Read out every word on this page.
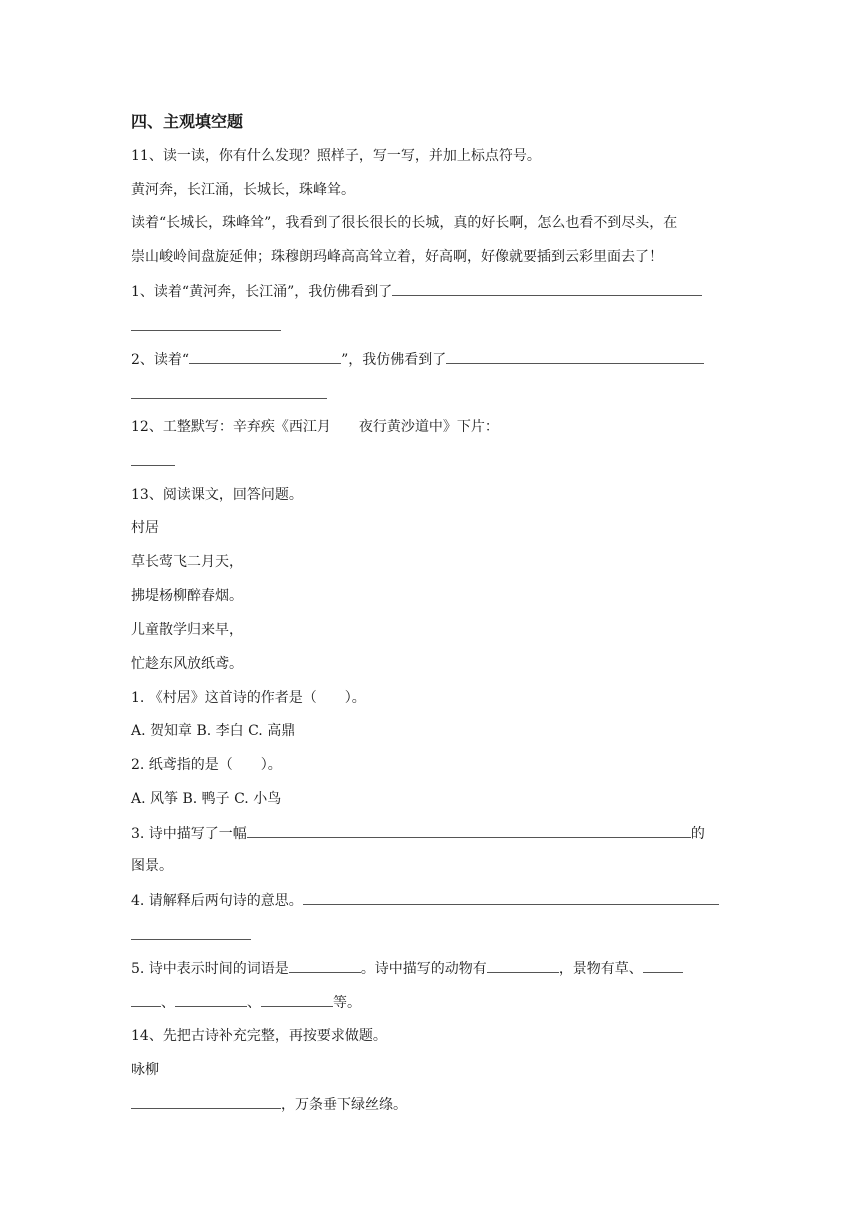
四、主观填空题
11、读一读，你有什么发现？照样子，写一写，并加上标点符号。
黄河奔，长江涌，长城长，珠峰耸。
读着“长城长，珠峰耸”，我看到了很长很长的长城，真的好长啊，怎么也看不到尽头，在
崇山峻岭间盘旋延伸；珠穆朗玛峰高高耸立着，好高啊，好像就要插到云彩里面去了！
1、读着“黄河奔，长江涌”，我仿佛看到了
2、读着“	”，我仿佛看到了
12、工整默写：辛弃疾《西江月 夜行黄沙道中》下片：
13、阅读课文，回答问题。
村居
草长莺飞二月天，
拂堤杨柳醉春烟。
儿童散学归来早，
忙趁东风放纸鸢。
1. 《村居》这首诗的作者是（　　）。
A. 贺知章 B. 李白 C. 高鼎
2. 纸鸢指的是（　　）。
A. 风筝 B. 鸭子 C. 小鸟
3. 诗中描写了一幅	的
图景。
4. 请解释后两句诗的意思。
5. 诗中表示时间的词语是	。诗中描写的动物有	，景物有草、
、	、	等。
14、先把古诗补充完整，再按要求做题。
咏柳
，万条垂下绿丝绦。
